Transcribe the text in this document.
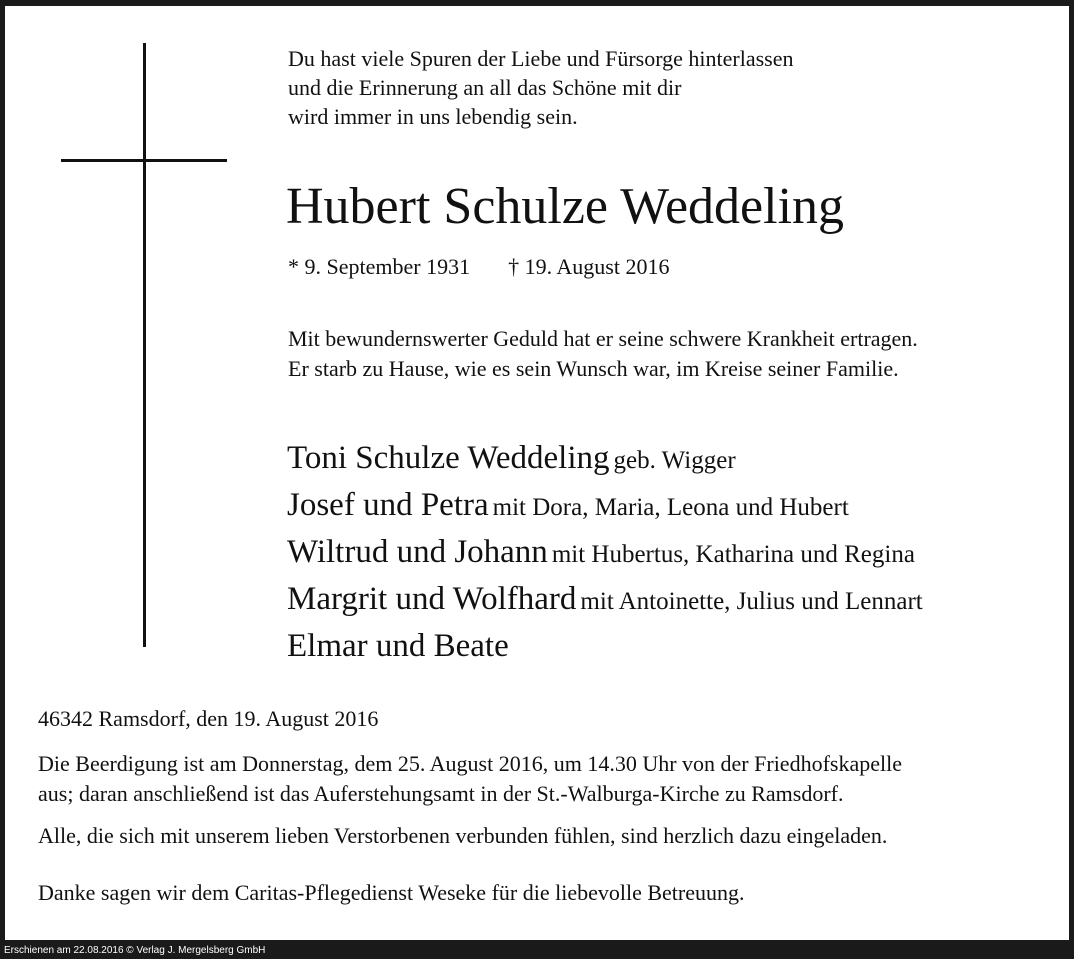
Du hast viele Spuren der Liebe und Fürsorge hinterlassen
und die Erinnerung an all das Schöne mit dir
wird immer in uns lebendig sein.
Hubert Schulze Weddeling
* 9. September 1931 † 19. August 2016
Mit bewundernswerter Geduld hat er seine schwere Krankheit ertragen.
Er starb zu Hause, wie es sein Wunsch war, im Kreise seiner Familie.
Toni Schulze Weddeling geb. Wigger
Josef und Petra mit Dora, Maria, Leona und Hubert
Wiltrud und Johann mit Hubertus, Katharina und Regina
Margrit und Wolfhard mit Antoinette, Julius und Lennart
Elmar und Beate
46342 Ramsdorf, den 19. August 2016
Die Beerdigung ist am Donnerstag, dem 25. August 2016, um 14.30 Uhr von der Friedhofskapelle
aus; daran anschließend ist das Auferstehungsamt in der St.-Walburga-Kirche zu Ramsdorf.
Alle, die sich mit unserem lieben Verstorbenen verbunden fühlen, sind herzlich dazu eingeladen.
Danke sagen wir dem Caritas-Pflegedienst Weseke für die liebevolle Betreuung.
Erschienen am 22.08.2016 © Verlag J. Mergelsberg GmbH
